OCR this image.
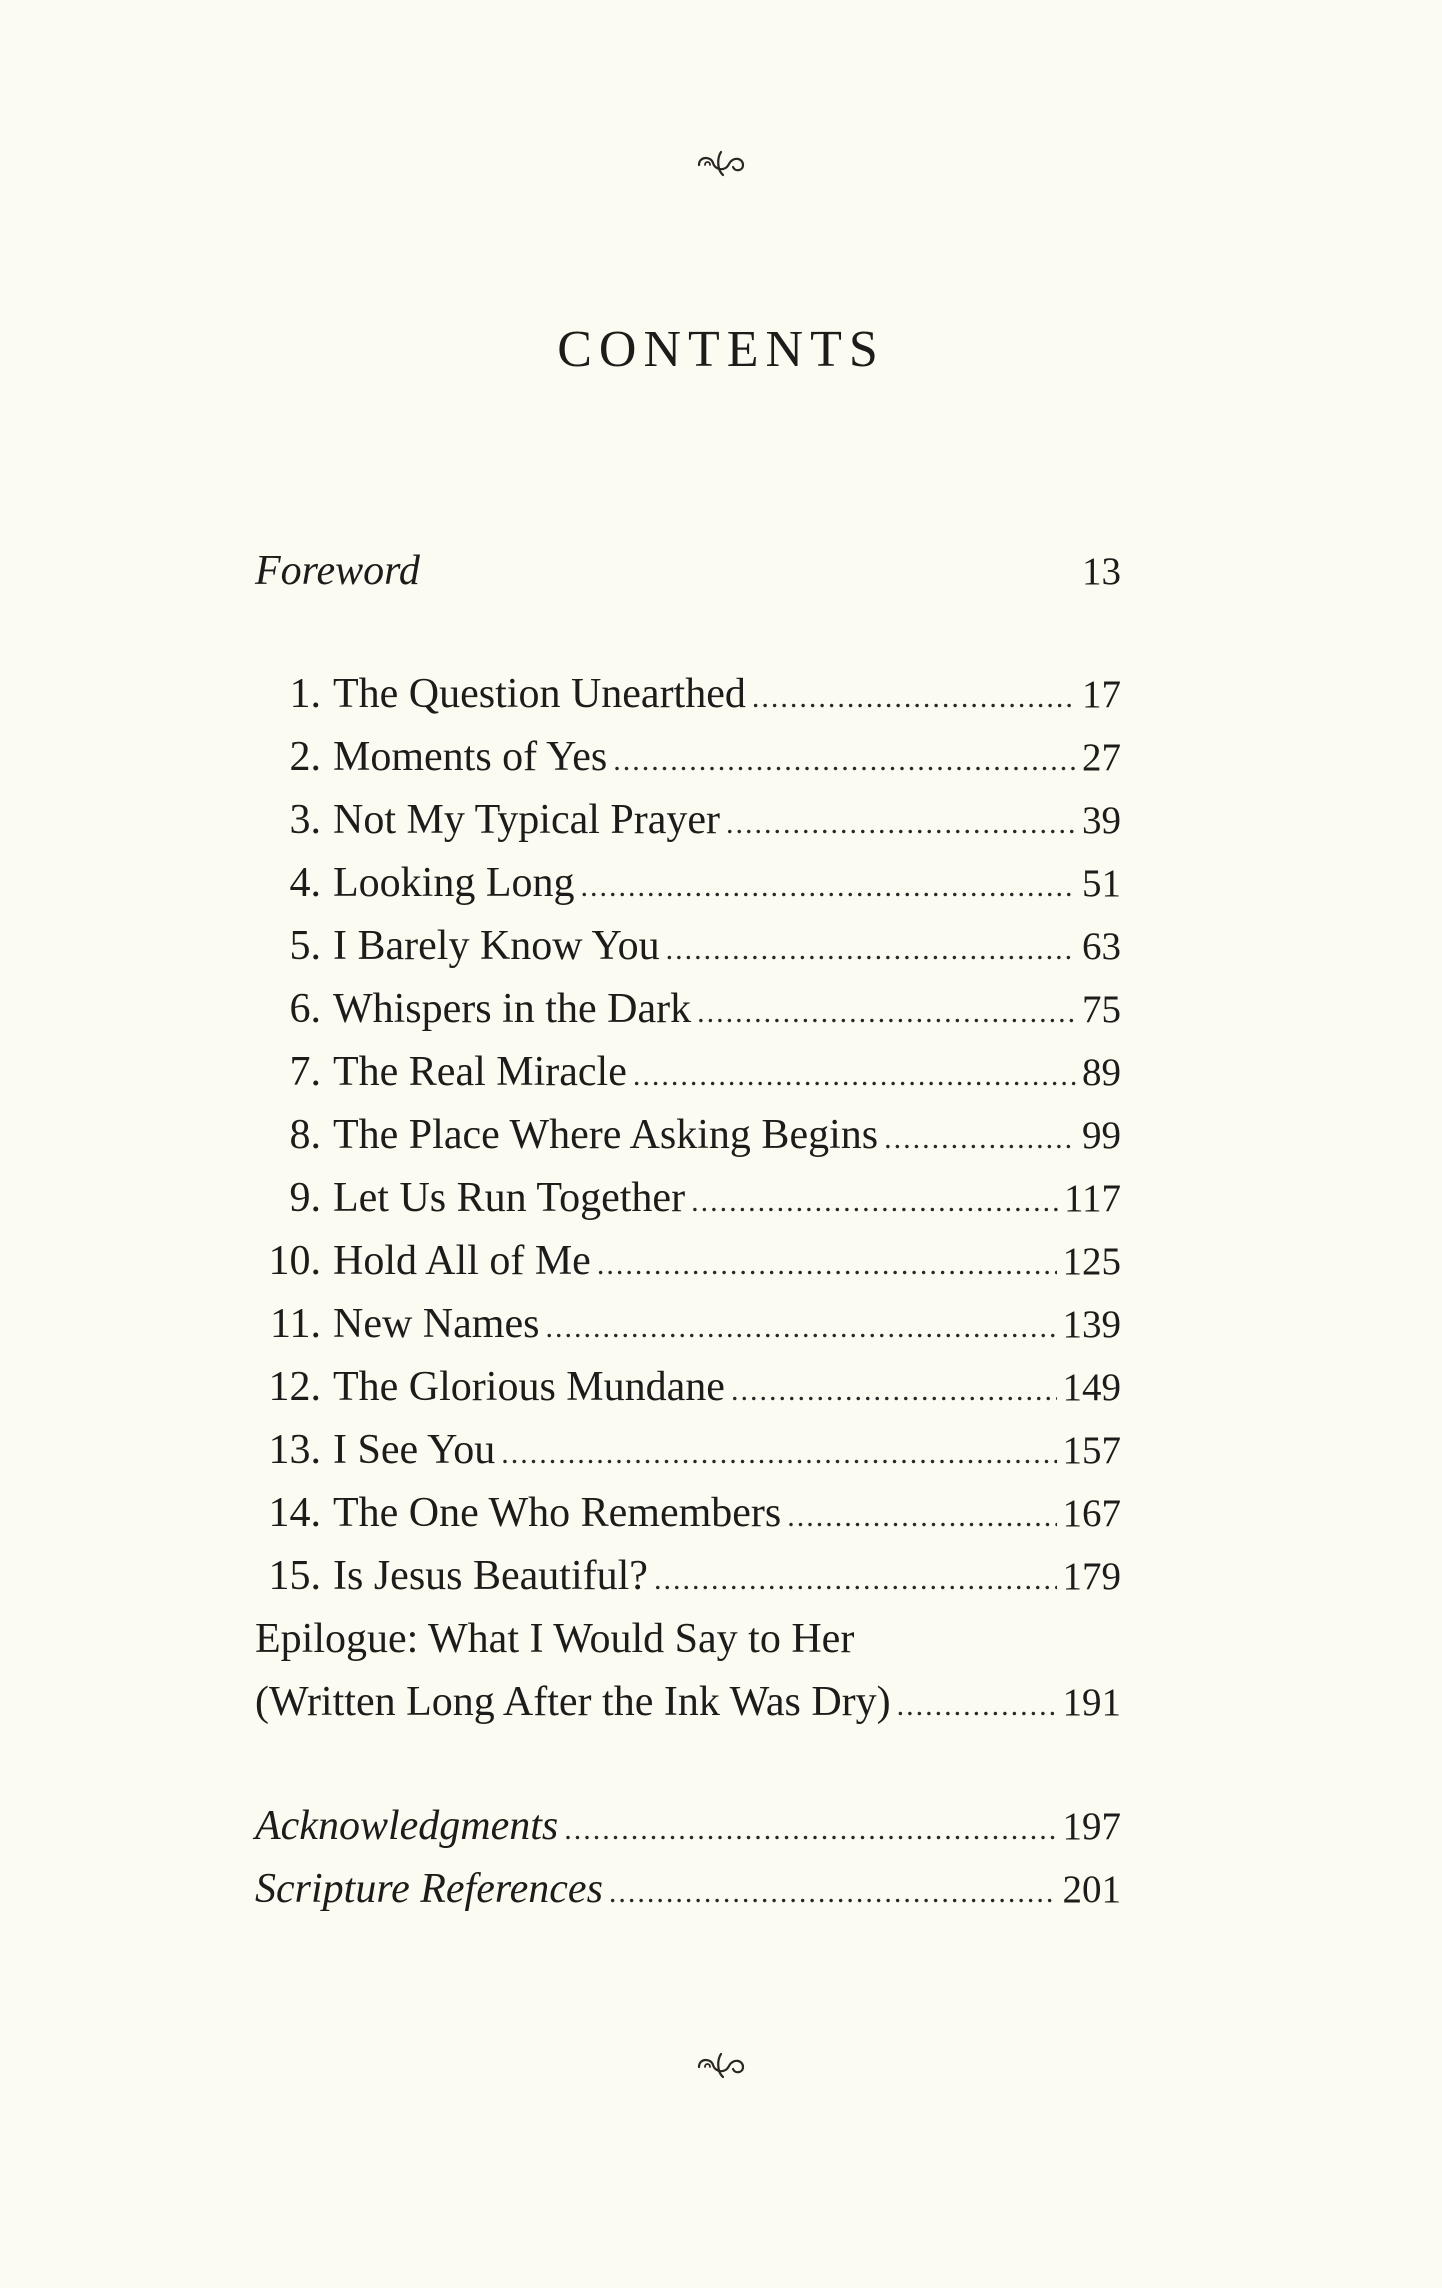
CONTENTS
Foreword	13
1. The Question Unearthed .....	17
2. Moments of Yes .....	27
3. Not My Typical Prayer .....	39
4. Looking Long .....	51
5. I Barely Know You .....	63
6. Whispers in the Dark .....	75
7. The Real Miracle .....	89
8. The Place Where Asking Begins .....	99
9. Let Us Run Together .....	117
10. Hold All of Me .....	125
11. New Names .....	139
12. The Glorious Mundane .....	149
13. I See You .....	157
14. The One Who Remembers .....	167
15. Is Jesus Beautiful? .....	179
Epilogue: What I Would Say to Her
(Written Long After the Ink Was Dry) .....	191
Acknowledgments .....	197
Scripture References .....	201
